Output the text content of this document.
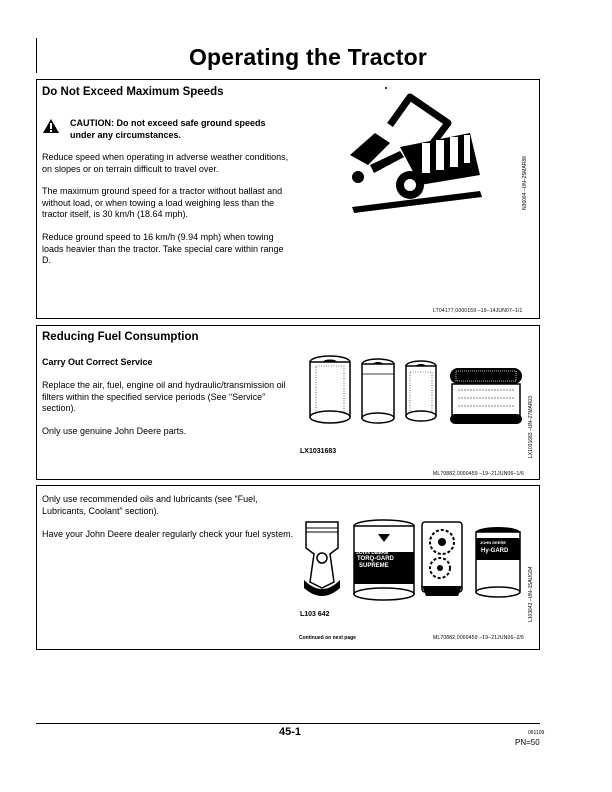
Operating the Tractor
Do Not Exceed Maximum Speeds
CAUTION: Do not exceed safe ground speeds under any circumstances.
Reduce speed when operating in adverse weather conditions, on slopes or on terrain difficult to travel over.
The maximum ground speed for a tractor without ballast and without load, or when towing a load weighing less than the tractor itself, is 30 km/h (18.64 mph).
Reduce ground speed to 16 km/h (9.94 mph) when towing loads heavier than the tractor. Take special care within range D.
N36064 –UN–25MAR88
LT04177,0000159 –19–14JUN07–1/1
Reducing Fuel Consumption
Carry Out Correct Service
Replace the air, fuel, engine oil and hydraulic/transmission oil filters within the specified service periods (See “Service” section).
Only use genuine John Deere parts.
LX1031683	LX1031683 –UN–27MAR03
ML70882,0000459 –19–21JUN06–1/6
Only use recommended oils and lubricants (see “Fuel, Lubricants, Coolant” section).
Have your John Deere dealer regularly check your fuel system.
JOHN DEERE
TORQ-GARD
SUPREME
Engine Oil
JOHN DEERE
Hy-GARD
L103 642	L103642 –UN–15AUG94
Continued on next page	ML70882,0000459 –19–21JUN06–2/6
45-1	061109
PN=50
